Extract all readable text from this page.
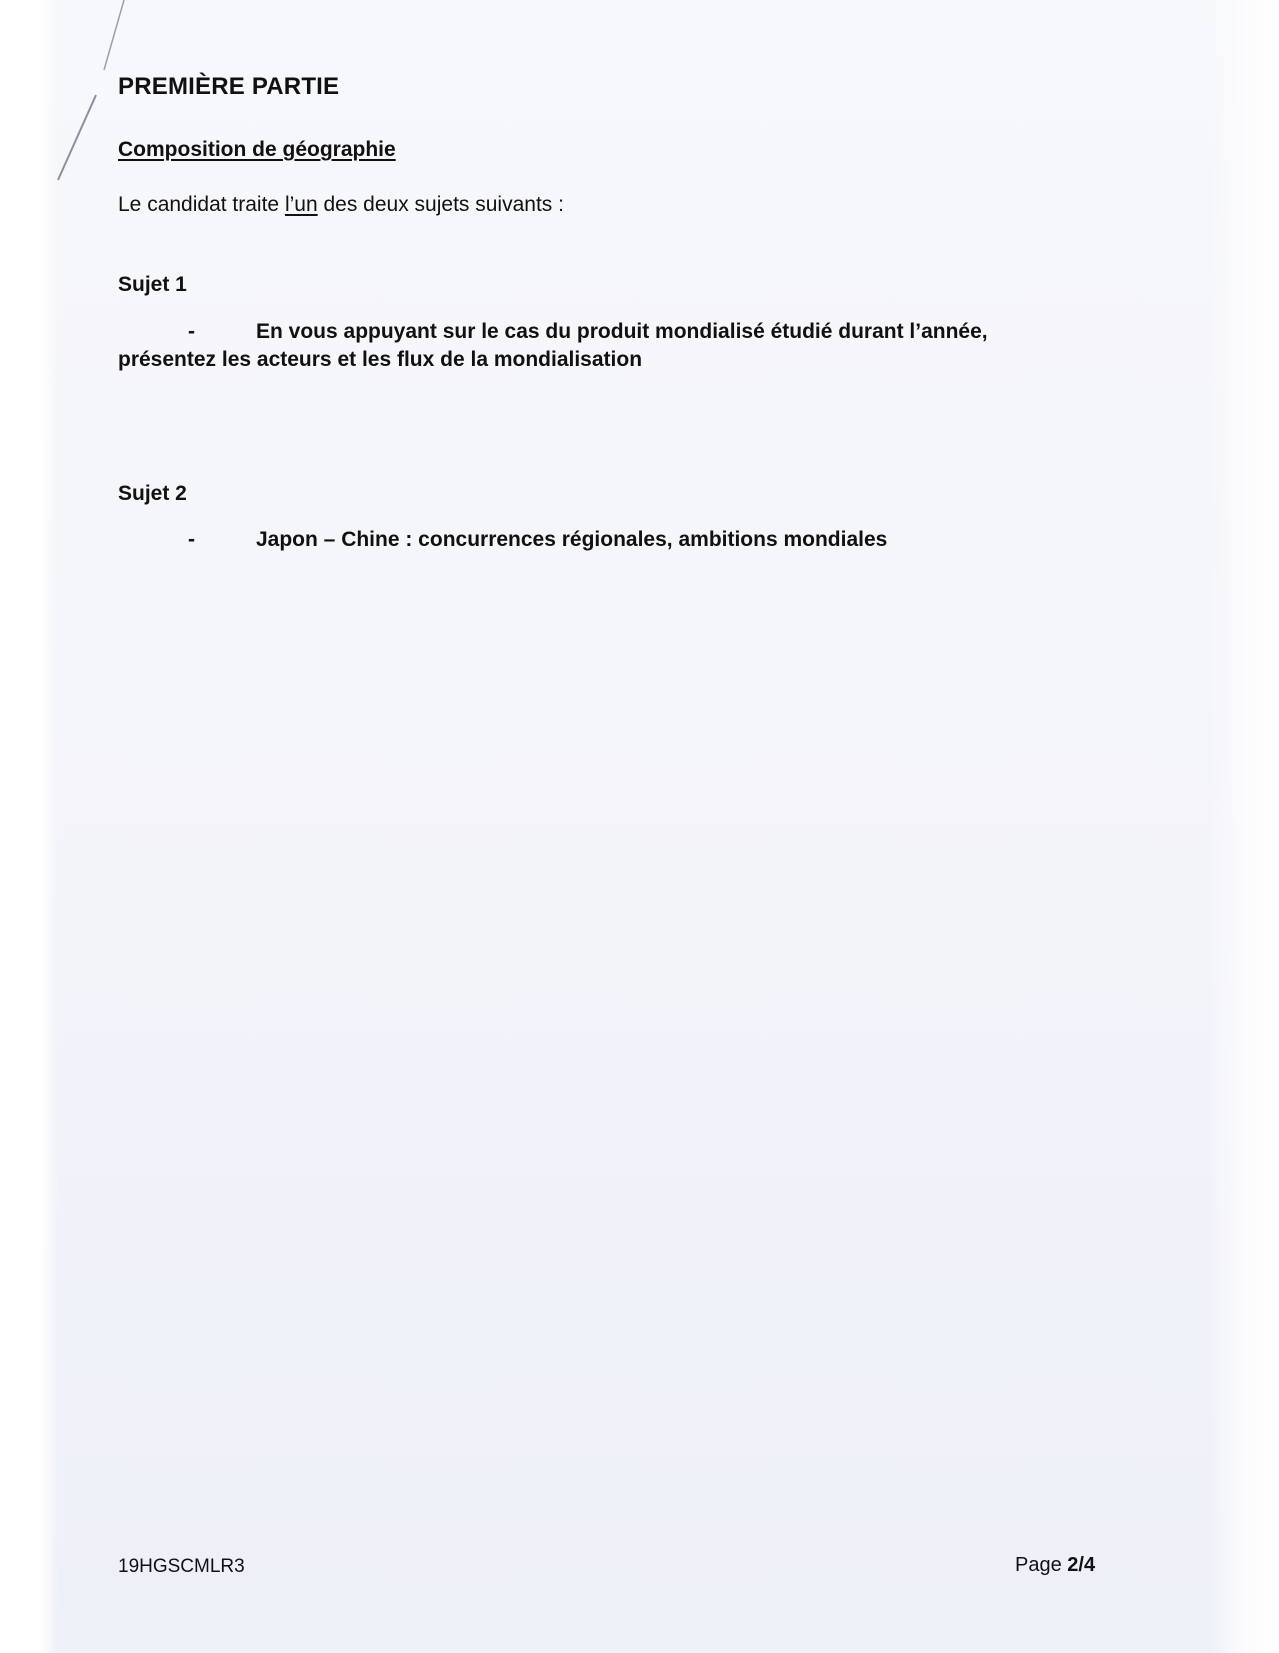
PREMIÈRE PARTIE
Composition de géographie

Le candidat traite l’un des deux sujets suivants :

Sujet 1

-	En vous appuyant sur le cas du produit mondialisé étudié durant l’année,

présentez les acteurs et les flux de la mondialisation

Sujet 2

-	Japon – Chine : concurrences régionales, ambitions mondiales

19HGSCMLR3	Page 2/4
